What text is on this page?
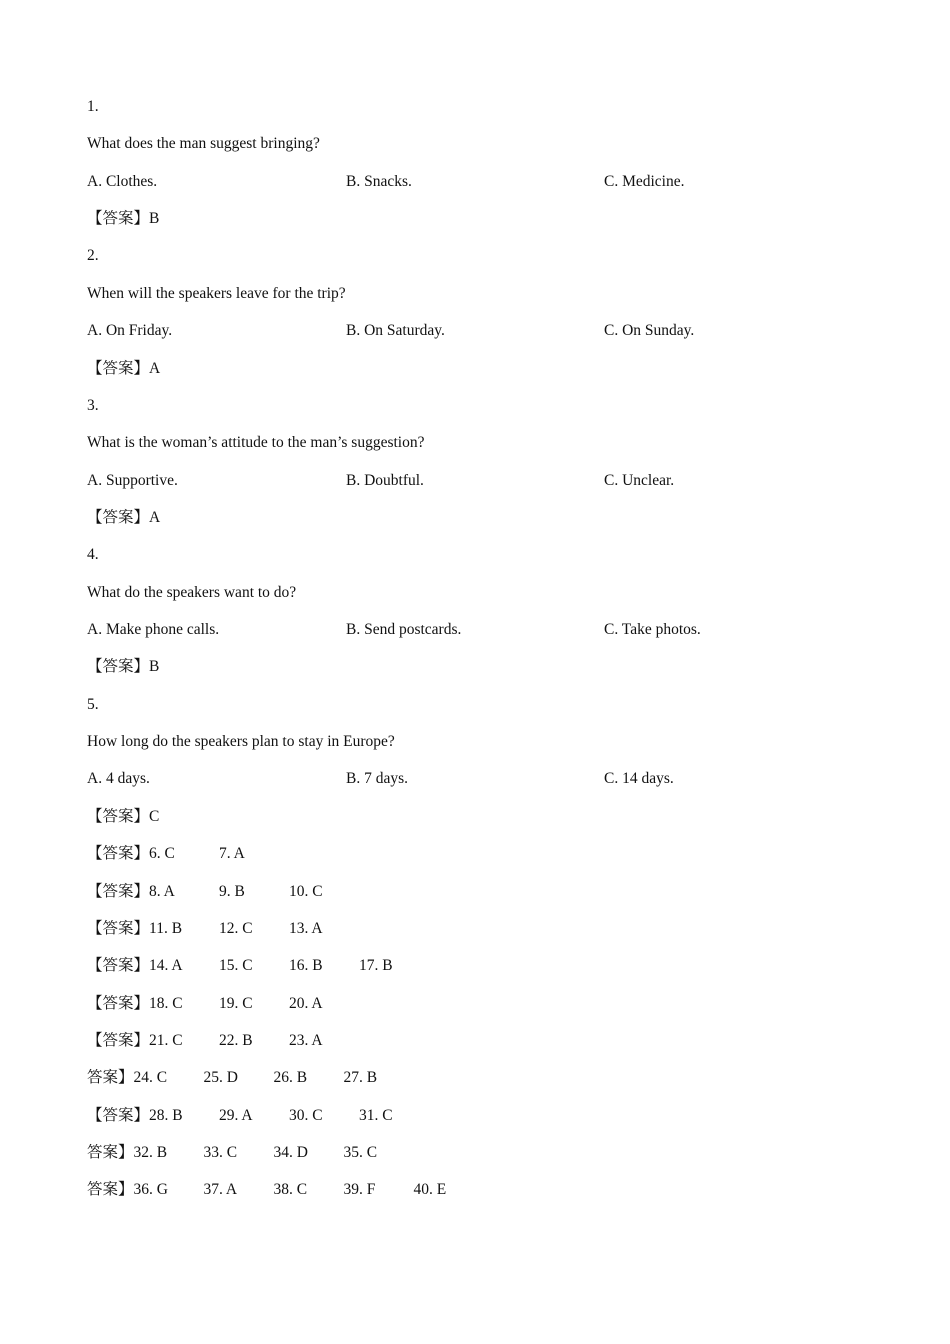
1.
What does the man suggest bringing?
A. Clothes.	B. Snacks.	C. Medicine.
【答案】B
2.
When will the speakers leave for the trip?
A. On Friday.	B. On Saturday.	C. On Sunday.
【答案】A
3.
What is the woman’s attitude to the man’s suggestion?
A. Supportive.	B. Doubtful.	C. Unclear.
【答案】A
4.
What do the speakers want to do?
A. Make phone calls.	B. Send postcards.	C. Take photos.
【答案】B
5.
How long do the speakers plan to stay in Europe?
A. 4 days.	B. 7 days.	C. 14 days.
【答案】C
【答案】6. C	7. A
【答案】8. A	9. B	10. C
【答案】11. B 12. C 13. A
【答案】14. A 15. C 16. B 17. B
【答案】18. C 19. C 20. A
【答案】21. C 22. B 23. A
答案】24. C 25. D 26. B 27. B
【答案】28. B 29. A 30. C 31. C
答案】32. B 33. C 34. D 35. C
答案】36. G 37. A 38. C 39. F 40. E
